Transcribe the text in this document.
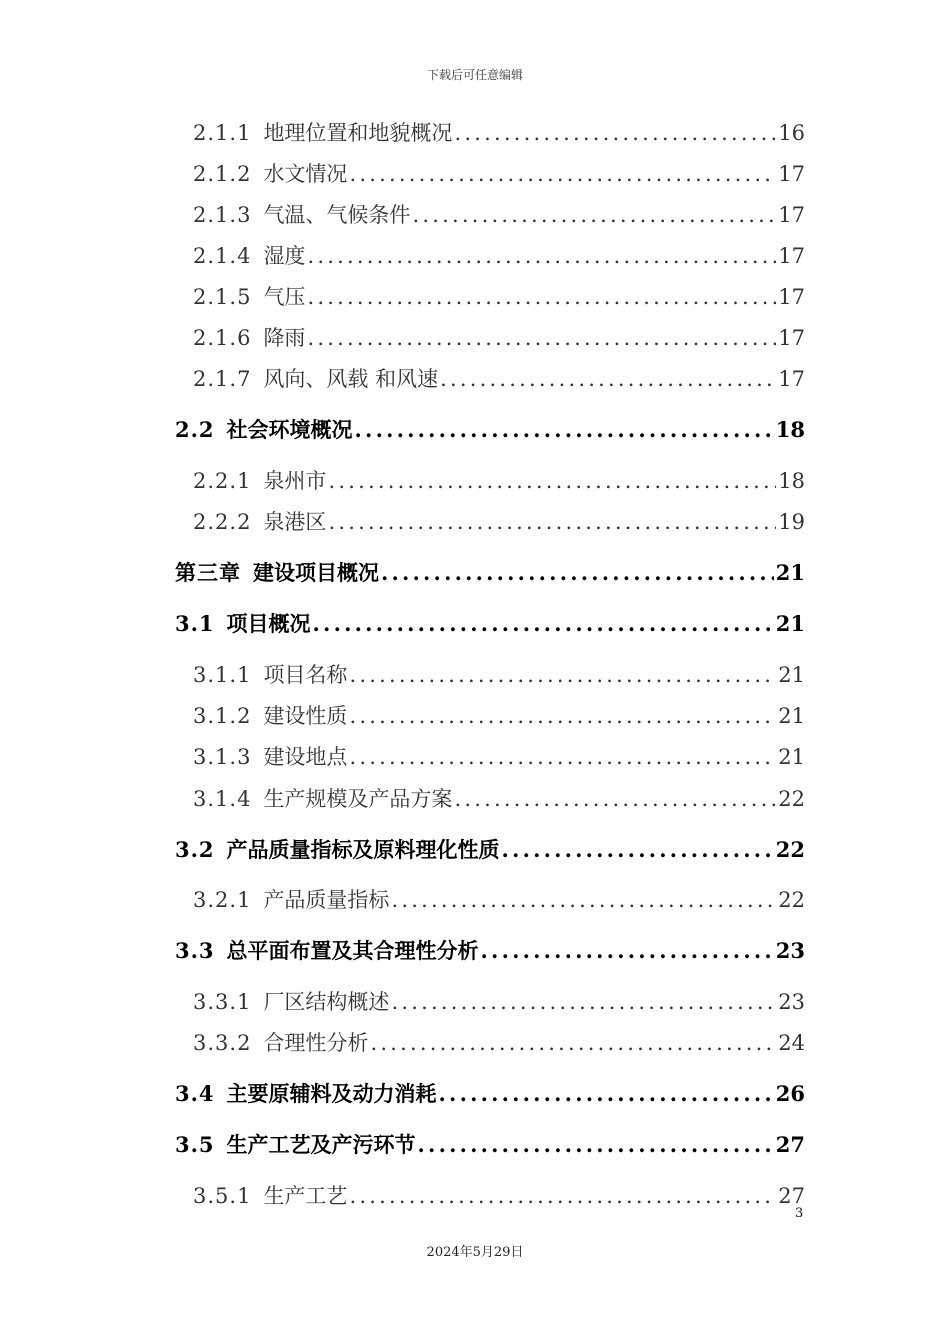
下载后可任意编辑
2.1.1 地理位置和地貌概况 .....	16
2.1.2 水文情况 .....	17
2.1.3 气温、气候条件 .....	17
2.1.4 湿度 .....	17
2.1.5 气压 .....	17
2.1.6 降雨 .....	17
2.1.7 风向、风载 和风速 .....	17
2.2 社会环境概况 .....	18
2.2.1 泉州市 .....	18
2.2.2 泉港区 .....	19
第三章 建设项目概况 .....	21
3.1 项目概况 .....	21
3.1.1 项目名称 .....	21
3.1.2 建设性质 .....	21
3.1.3 建设地点 .....	21
3.1.4 生产规模及产品方案 .....	22
3.2 产品质量指标及原料理化性质 .....	22
3.2.1 产品质量指标 .....	22
3.3 总平面布置及其合理性分析 .....	23
3.3.1 厂区结构概述 .....	23
3.3.2 合理性分析 .....	24
3.4 主要原辅料及动力消耗 .....	26
3.5 生产工艺及产污环节 .....	27
3.5.1 生产工艺 .....	27
3
2024年5月29日
